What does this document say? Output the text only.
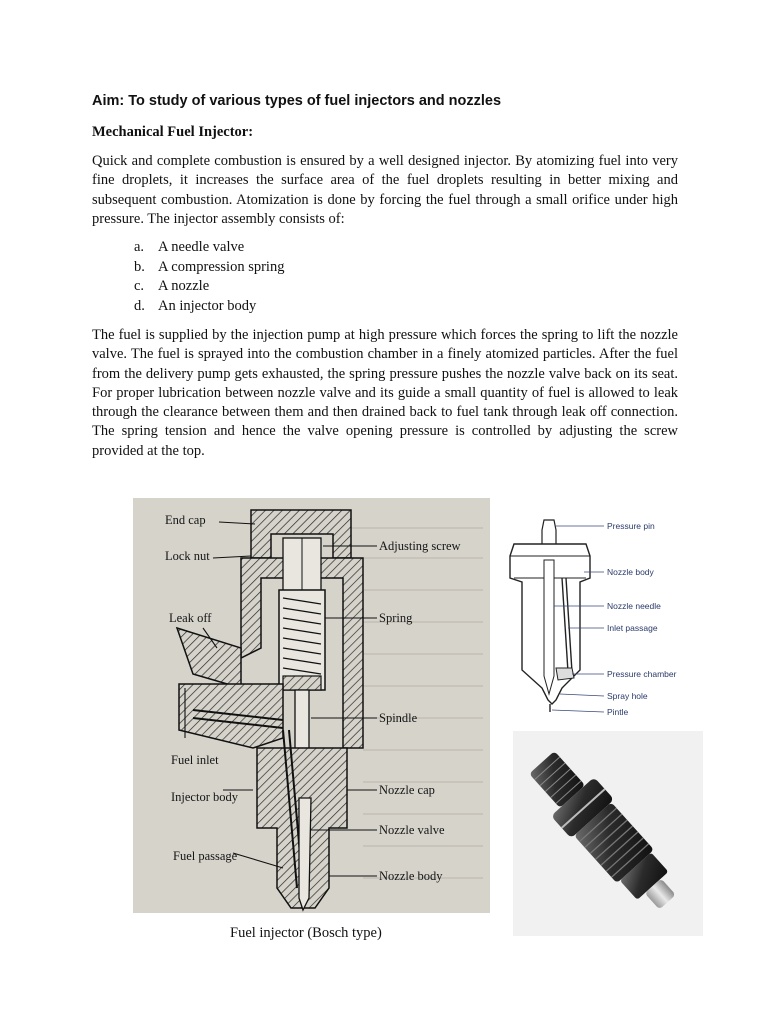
Aim: To study of various types of fuel injectors and nozzles
Mechanical Fuel Injector:

Quick and complete combustion is ensured by a well designed injector. By atomizing fuel into very fine droplets, it increases the surface area of the fuel droplets resulting in better mixing and subsequent combustion. Atomization is done by forcing the fuel through a small orifice under high pressure. The injector assembly consists of:

a. A needle valve
b. A compression spring
c. A nozzle
d. An injector body

The fuel is supplied by the injection pump at high pressure which forces the spring to lift the nozzle valve. The fuel is sprayed into the combustion chamber in a finely atomized particles. After the fuel from the delivery pump gets exhausted, the spring pressure pushes the nozzle valve back on its seat. For proper lubrication between nozzle valve and its guide a small quantity of fuel is allowed to leak through the clearance between them and then drained back to fuel tank through leak off connection. The spring tension and hence the valve opening pressure is controlled by adjusting the screw provided at the top.

End cap
Lock nut
Leak off
Fuel inlet
Injector body
Fuel passage
Adjusting screw
Spring
Spindle
Nozzle cap
Nozzle valve
Nozzle body
Pressure pin
Nozzle body
Nozzle needle
Inlet passage
Pressure chamber
Spray hole
Pintle
Fuel injector (Bosch type)
